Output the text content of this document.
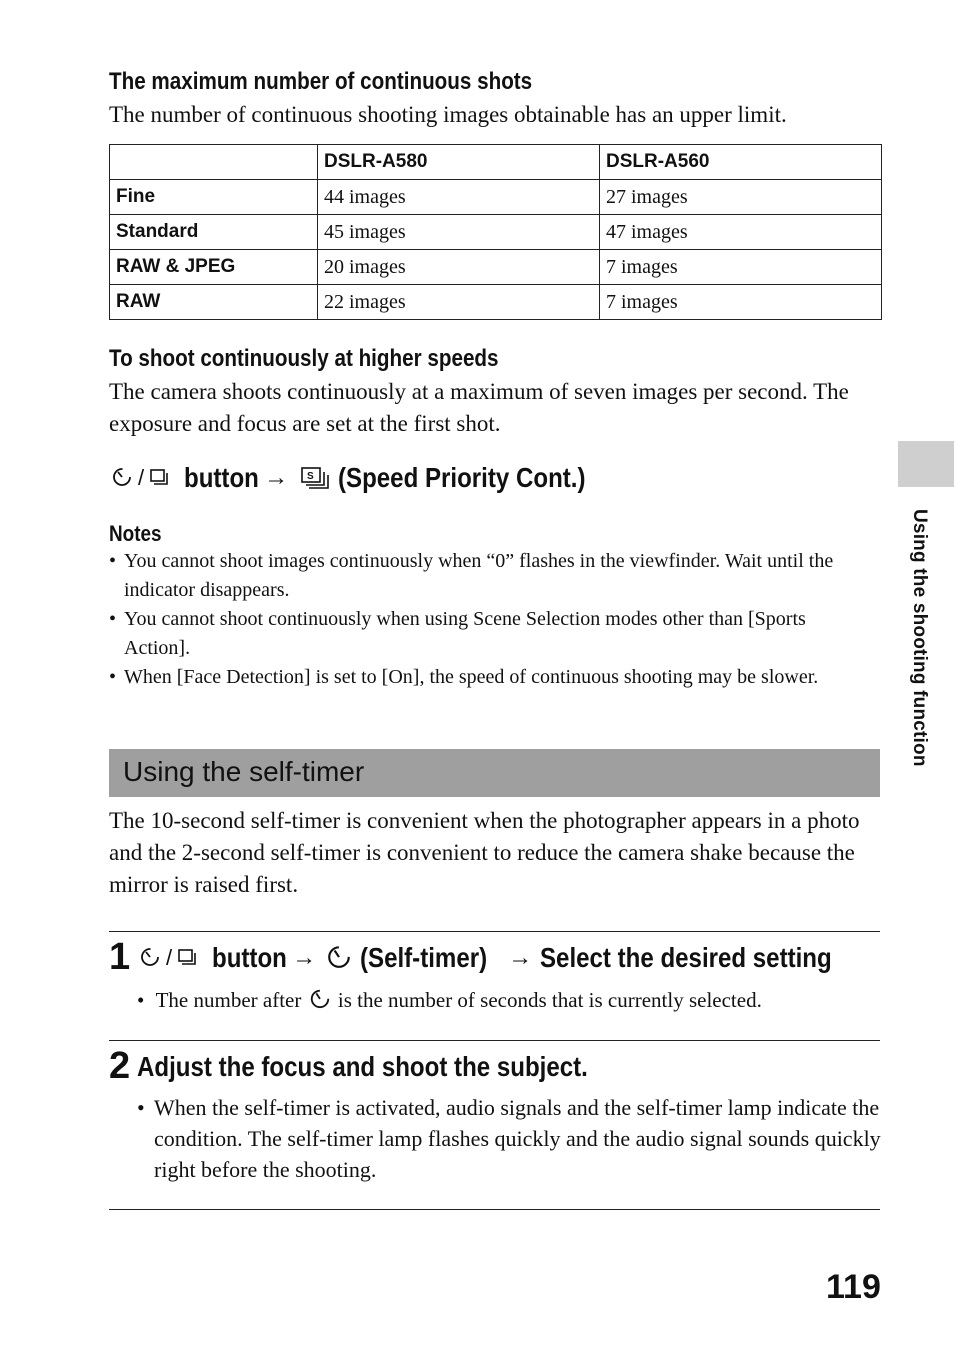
The maximum number of continuous shots
The number of continuous shooting images obtainable has an upper limit.
	DSLR-A580	DSLR-A560
Fine	44 images	27 images
Standard	45 images	47 images
RAW & JPEG	20 images	7 images
RAW	22 images	7 images
To shoot continuously at higher speeds
The camera shoots continuously at a maximum of seven images per second. The exposure and focus are set at the first shot.
/ button → S (Speed Priority Cont.)
Notes
• You cannot shoot images continuously when “0” flashes in the viewfinder. Wait until the indicator disappears.
• You cannot shoot continuously when using Scene Selection modes other than [Sports Action].
• When [Face Detection] is set to [On], the speed of continuous shooting may be slower.
Using the self-timer
The 10-second self-timer is convenient when the photographer appears in a photo and the 2-second self-timer is convenient to reduce the camera shake because the mirror is raised first.
1	/ button → (Self-timer) → Select the desired setting
• The number after is the number of seconds that is currently selected.
2 Adjust the focus and shoot the subject.
• When the self-timer is activated, audio signals and the self-timer lamp indicate the condition. The self-timer lamp flashes quickly and the audio signal sounds quickly right before the shooting.
Using the shooting function
119
